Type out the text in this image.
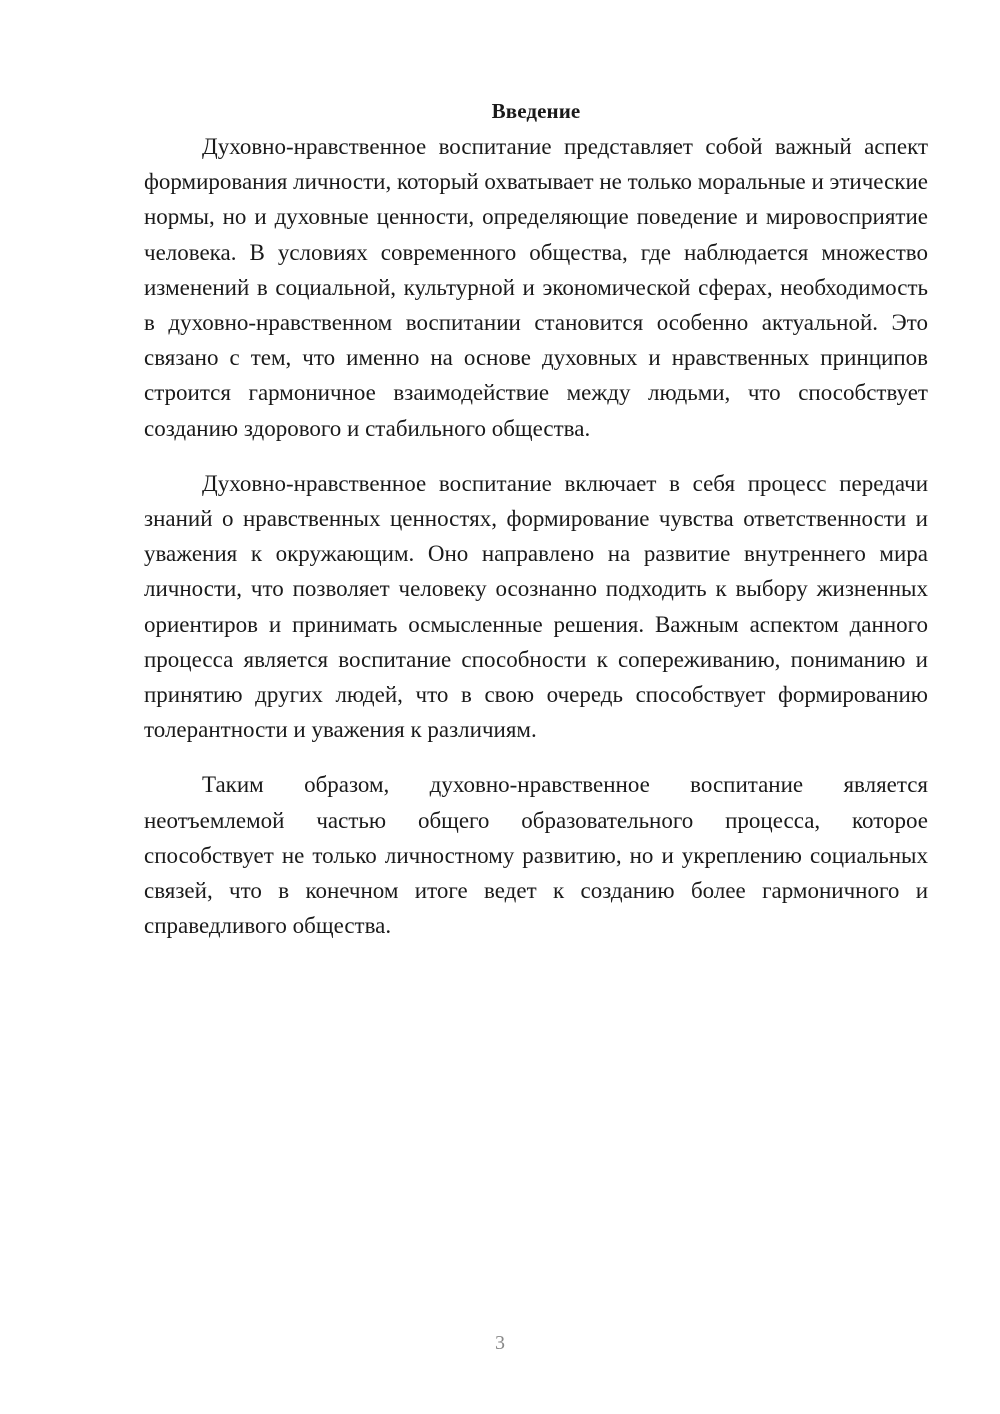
Введение

Духовно-нравственное воспитание представляет собой важный аспект формирования личности, который охватывает не только моральные и этические нормы, но и духовные ценности, определяющие поведение и мировосприятие человека. В условиях современного общества, где наблюдается множество изменений в социальной, культурной и экономической сферах, необходимость в духовно-нравственном воспитании становится особенно актуальной. Это связано с тем, что именно на основе духовных и нравственных принципов строится гармоничное взаимодействие между людьми, что способствует созданию здорового и стабильного общества.

Духовно-нравственное воспитание включает в себя процесс передачи знаний о нравственных ценностях, формирование чувства ответственности и уважения к окружающим. Оно направлено на развитие внутреннего мира личности, что позволяет человеку осознанно подходить к выбору жизненных ориентиров и принимать осмысленные решения. Важным аспектом данного процесса является воспитание способности к сопереживанию, пониманию и принятию других людей, что в свою очередь способствует формированию толерантности и уважения к различиям.

Таким образом, духовно-нравственное воспитание является неотъемлемой частью общего образовательного процесса, которое способствует не только личностному развитию, но и укреплению социальных связей, что в конечном итоге ведет к созданию более гармоничного и справедливого общества.

3
